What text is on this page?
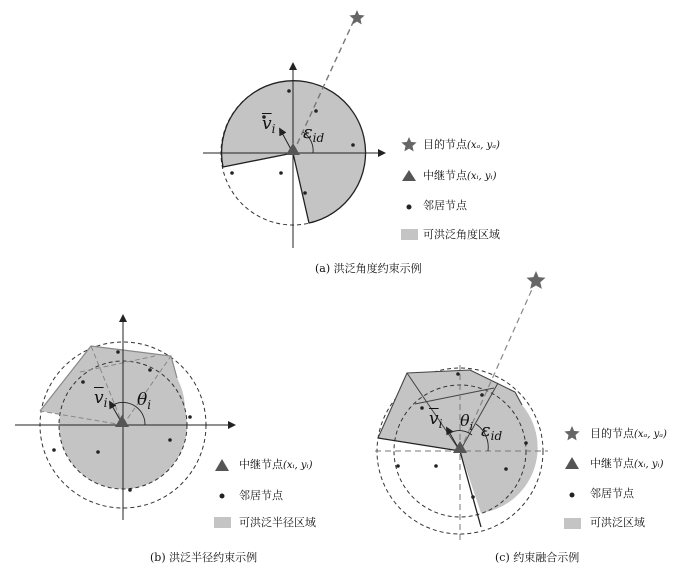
$\overline{v}_i$ $\varepsilon_{id}$	目的节点(xₐ, yₐ)
中继节点(xᵢ, yᵢ)
邻居节点
可洪泛角度区域
(a) 洪泛角度约束示例
$\overline{v}_i$ $\theta_i$
中继节点(xᵢ, yᵢ)
邻居节点
可洪泛半径区域
(b) 洪泛半径约束示例
$\overline{v}_i$ $\theta_i$ $\varepsilon_{id}$	目的节点(xₐ, yₐ)
中继节点(xᵢ, yᵢ)
邻居节点
可洪泛区域
(c) 约束融合示例
